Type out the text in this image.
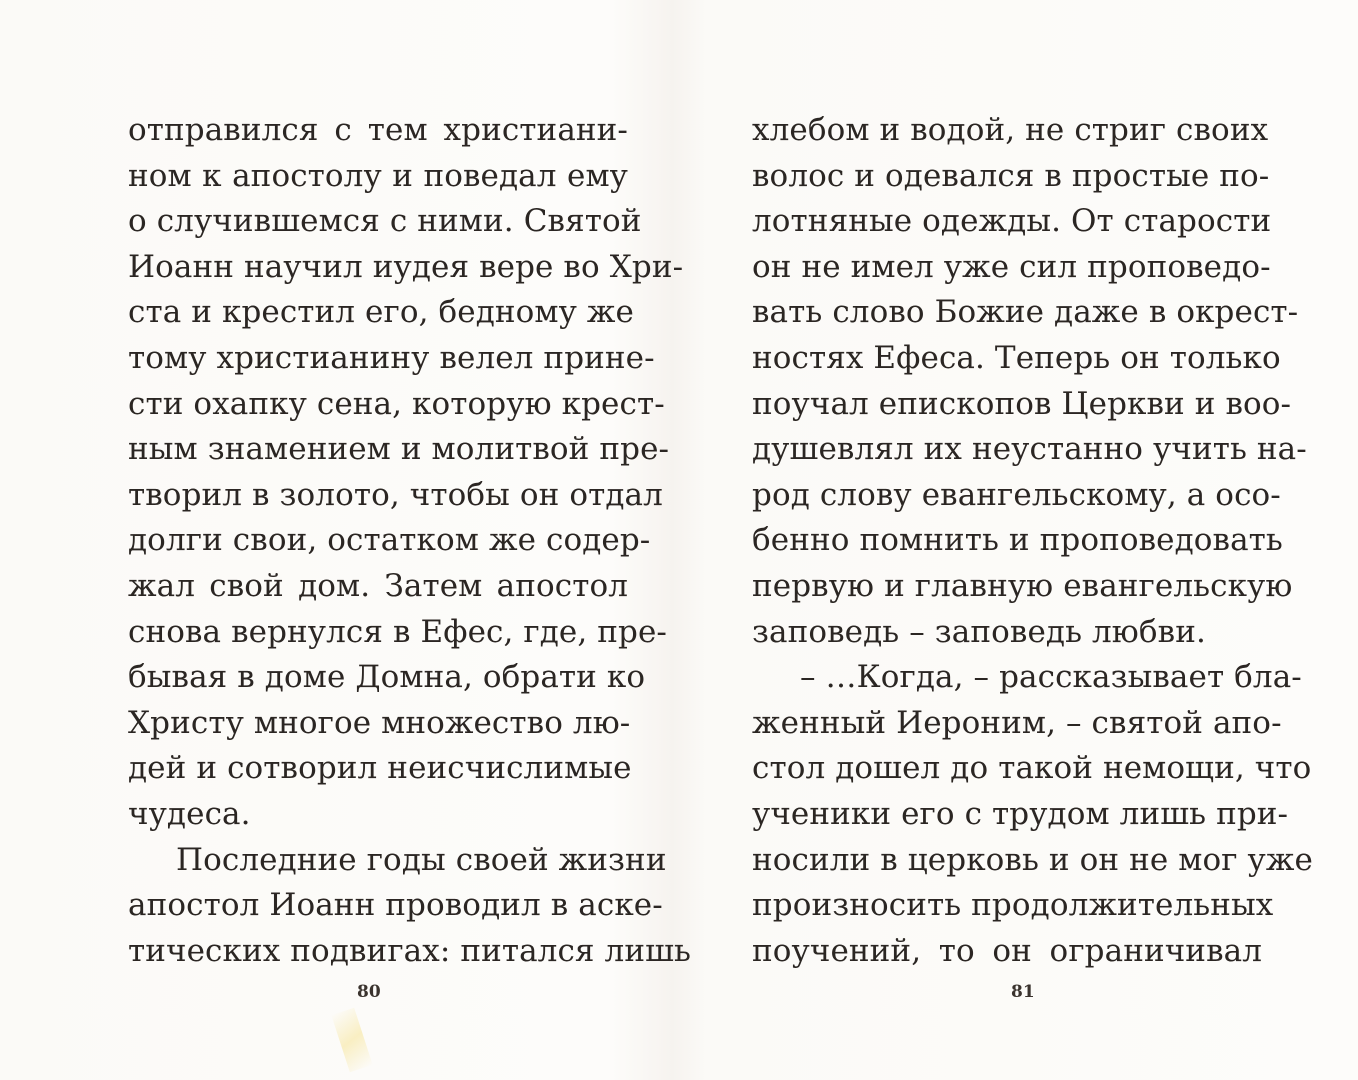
отправился с тем христиани-
ном к апостолу и поведал ему
о случившемся с ними. Святой
Иоанн научил иудея вере во Хри-
ста и крестил его, бедному же
тому христианину велел прине-
сти охапку сена, которую крест-
ным знамением и молитвой пре-
творил в золото, чтобы он отдал
долги свои, остатком же содер-
жал свой дом. Затем апостол
снова вернулся в Ефес, где, пре-
бывая в доме Домна, обрати ко
Христу многое множество лю-
дей и сотворил неисчислимые
чудеса.
Последние годы своей жизни
апостол Иоанн проводил в аске-
тических подвигах: питался лишь
хлебом и водой, не стриг своих
волос и одевался в простые по-
лотняные одежды. От старости
он не имел уже сил проповедо-
вать слово Божие даже в окрест-
ностях Ефеса. Теперь он только
поучал епископов Церкви и воо-
душевлял их неустанно учить на-
род слову евангельскому, а осо-
бенно помнить и проповедовать
первую и главную евангельскую
заповедь – заповедь любви.
– …Когда, – рассказывает бла-
женный Иероним, – святой апо-
стол дошел до такой немощи, что
ученики его с трудом лишь при-
носили в церковь и он не мог уже
произносить продолжительных
поучений, то он ограничивал
80	81
